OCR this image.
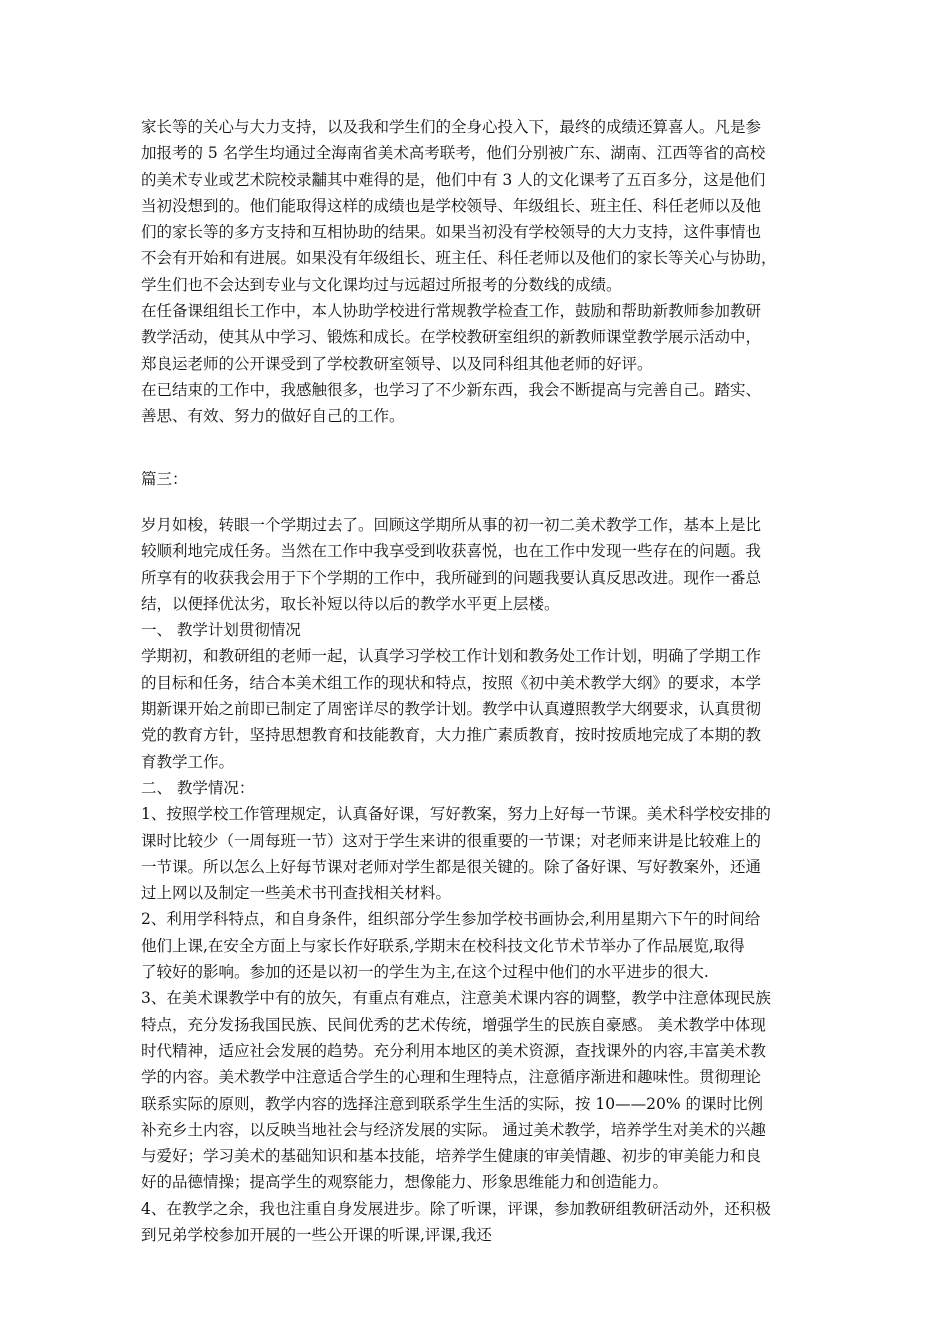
家长等的关心与大力支持，以及我和学生们的全身心投入下，最终的成绩还算喜人。凡是参

加报考的 5 名学生均通过全海南省美术高考联考，他们分别被广东、湖南、江西等省的高校

的美术专业或艺术院校录黼其中难得的是，他们中有 3 人的文化课考了五百多分，这是他们

当初没想到的。他们能取得这样的成绩也是学校领导、年级组长、班主任、科任老师以及他

们的家长等的多方支持和互相协助的结果。如果当初没有学校领导的大力支持，这件事情也

不会有开始和有进展。如果没有年级组长、班主任、科任老师以及他们的家长等关心与协助，

学生们也不会达到专业与文化课均过与远超过所报考的分数线的成绩。

在任备课组组长工作中，本人协助学校进行常规教学检查工作，鼓励和帮助新教师参加教研

教学活动，使其从中学习、锻炼和成长。在学校教研室组织的新教师课堂教学展示活动中，

郑良运老师的公开课受到了学校教研室领导、以及同科组其他老师的好评。

在已结束的工作中，我感触很多，也学习了不少新东西，我会不断提高与完善自己。踏实、

善思、有效、努力的做好自己的工作。

篇三：

岁月如梭，转眼一个学期过去了。回顾这学期所从事的初一初二美术教学工作，基本上是比

较顺利地完成任务。当然在工作中我享受到收获喜悦，也在工作中发现一些存在的问题。我

所享有的收获我会用于下个学期的工作中，我所碰到的问题我要认真反思改进。现作一番总

结，以便择优汰劣，取长补短以待以后的教学水平更上层楼。

一、 教学计划贯彻情况

学期初，和教研组的老师一起，认真学习学校工作计划和教务处工作计划，明确了学期工作

的目标和任务，结合本美术组工作的现状和特点，按照《初中美术教学大纲》的要求，本学

期新课开始之前即已制定了周密详尽的教学计划。教学中认真遵照教学大纲要求，认真贯彻

党的教育方针，坚持思想教育和技能教育，大力推广素质教育，按时按质地完成了本期的教

育教学工作。

二、 教学情况：

1、按照学校工作管理规定，认真备好课，写好教案，努力上好每一节课。美术科学校安排的

课时比较少（一周每班一节）这对于学生来讲的很重要的一节课；对老师来讲是比较难上的

一节课。所以怎么上好每节课对老师对学生都是很关键的。除了备好课、写好教案外，还通

过上网以及制定一些美术书刊查找相关材料。

2、利用学科特点，和自身条件，组织部分学生参加学校书画协会,利用星期六下午的时间给

他们上课,在安全方面上与家长作好联系,学期末在校科技文化节术节举办了作品展览,取得

了较好的影响。参加的还是以初一的学生为主,在这个过程中他们的水平进步的很大.

3、在美术课教学中有的放矢，有重点有难点，注意美术课内容的调整，教学中注意体现民族

特点，充分发扬我国民族、民间优秀的艺术传统，增强学生的民族自豪感。 美术教学中体现

时代精神，适应社会发展的趋势。充分利用本地区的美术资源，查找课外的内容,丰富美术教

学的内容。美术教学中注意适合学生的心理和生理特点，注意循序渐进和趣味性。贯彻理论

联系实际的原则，教学内容的选择注意到联系学生生活的实际，按 10——20% 的课时比例

补充乡土内容，以反映当地社会与经济发展的实际。 通过美术教学，培养学生对美术的兴趣

与爱好；学习美术的基础知识和基本技能，培养学生健康的审美情趣、初步的审美能力和良

好的品德情操；提高学生的观察能力，想像能力、形象思维能力和创造能力。

4、在教学之余，我也注重自身发展进步。除了听课，评课，参加教研组教研活动外，还积极

到兄弟学校参加开展的一些公开课的听课,评课,我还
